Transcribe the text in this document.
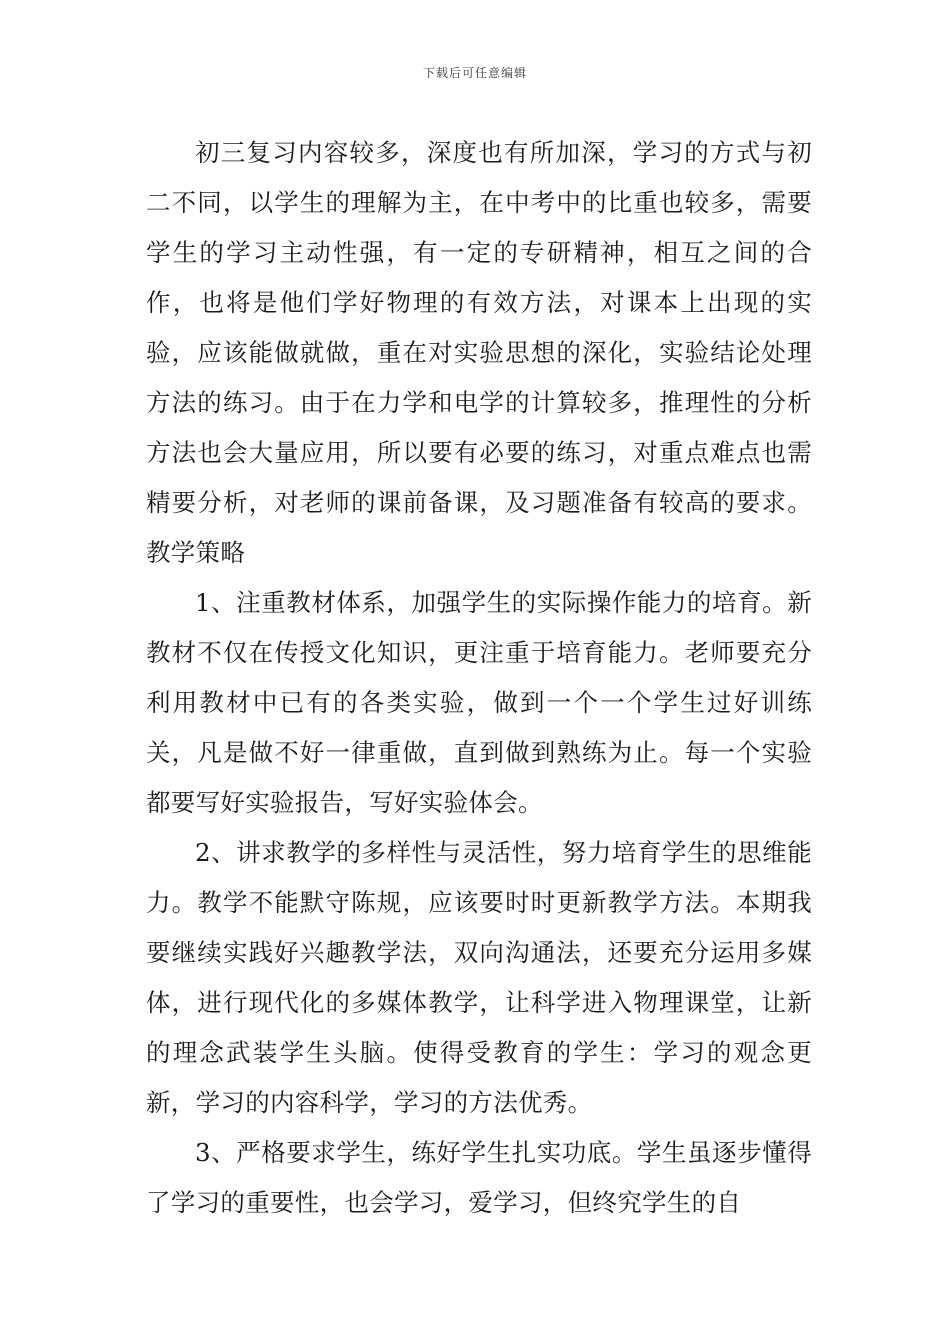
下载后可任意编辑

初三复习内容较多，深度也有所加深，学习的方式与初二不同，以学生的理解为主，在中考中的比重也较多，需要学生的学习主动性强，有一定的专研精神，相互之间的合作，也将是他们学好物理的有效方法，对课本上出现的实验，应该能做就做，重在对实验思想的深化，实验结论处理方法的练习。由于在力学和电学的计算较多，推理性的分析方法也会大量应用，所以要有必要的练习，对重点难点也需精要分析，对老师的课前备课，及习题准备有较高的要求。教学策略

1、注重教材体系，加强学生的实际操作能力的培育。新教材不仅在传授文化知识，更注重于培育能力。老师要充分利用教材中已有的各类实验，做到一个一个学生过好训练关，凡是做不好一律重做，直到做到熟练为止。每一个实验都要写好实验报告，写好实验体会。

2、讲求教学的多样性与灵活性，努力培育学生的思维能力。教学不能默守陈规，应该要时时更新教学方法。本期我要继续实践好兴趣教学法，双向沟通法，还要充分运用多媒体，进行现代化的多媒体教学，让科学进入物理课堂，让新的理念武装学生头脑。使得受教育的学生：学习的观念更新，学习的内容科学，学习的方法优秀。

3、严格要求学生，练好学生扎实功底。学生虽逐步懂得了学习的重要性，也会学习，爱学习，但终究学生的自
